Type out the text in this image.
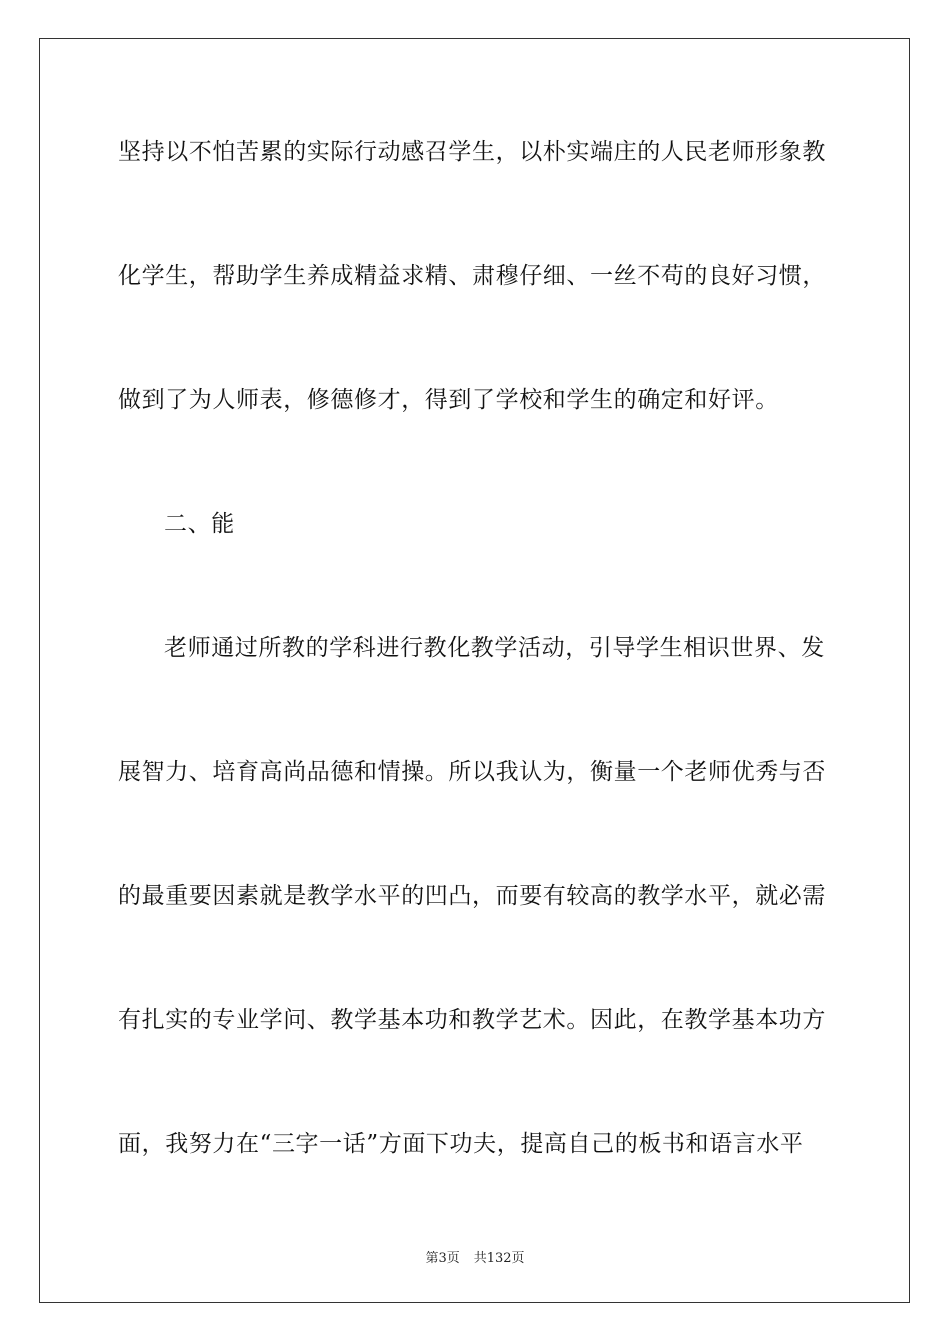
坚持以不怕苦累的实际行动感召学生，以朴实端庄的人民老师形象教
化学生，帮助学生养成精益求精、肃穆仔细、一丝不苟的良好习惯，
做到了为人师表，修德修才，得到了学校和学生的确定和好评。
二、能
老师通过所教的学科进行教化教学活动，引导学生相识世界、发
展智力、培育高尚品德和情操。所以我认为，衡量一个老师优秀与否
的最重要因素就是教学水平的凹凸，而要有较高的教学水平，就必需
有扎实的专业学问、教学基本功和教学艺术。因此，在教学基本功方
面，我努力在“三字一话”方面下功夫，提高自己的板书和语言水平
第3页 共132页
